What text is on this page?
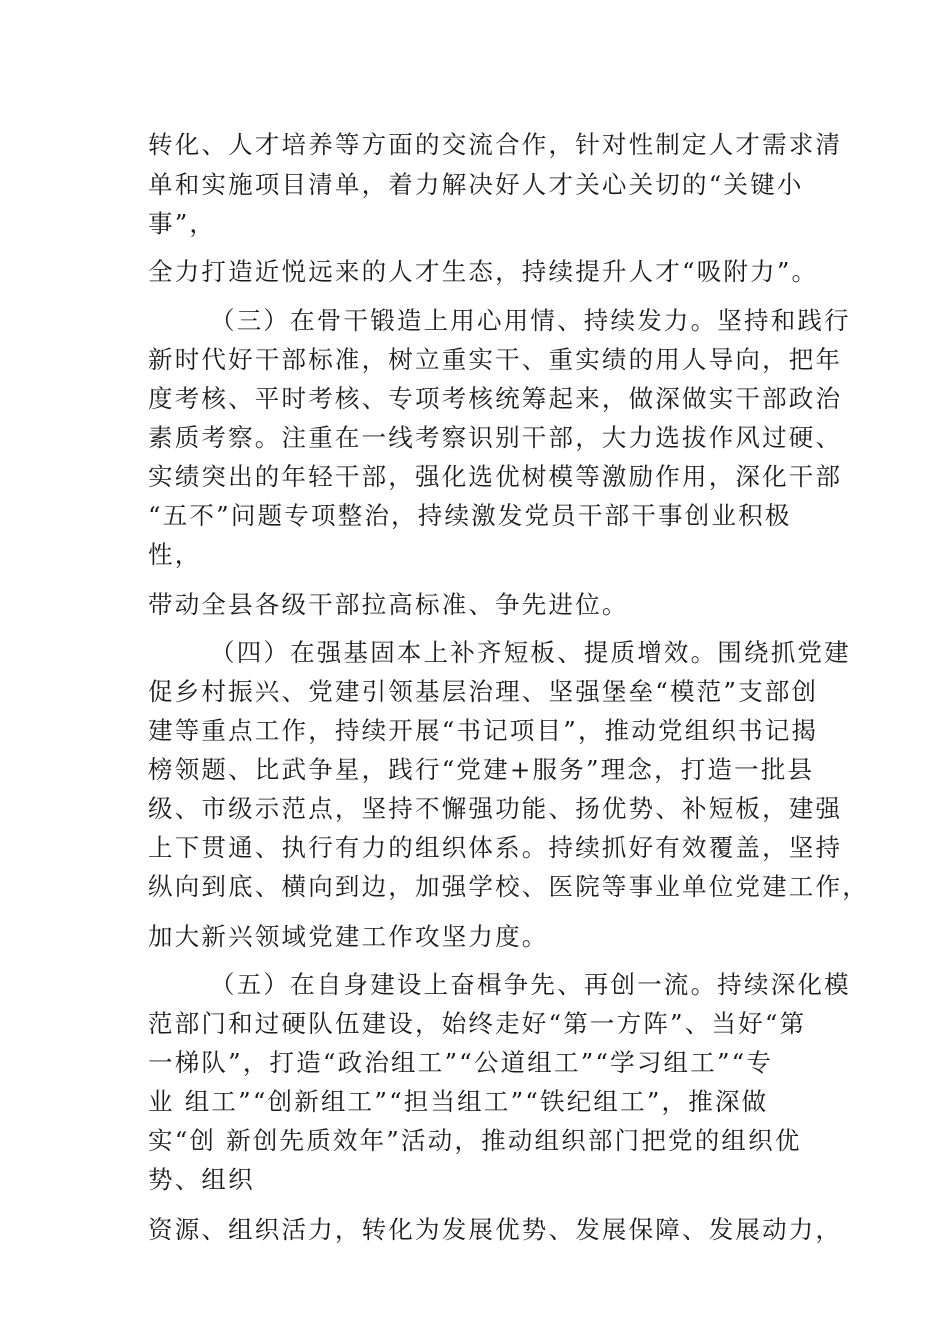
转化、人才培养等方面的交流合作，针对性制定人才需求清
单和实施项目清单，着力解决好人才关心关切的“关键小
事”，
全力打造近悦远来的人才生态，持续提升人才“吸附力”。
（三）在骨干锻造上用心用情、持续发力。坚持和践行
新时代好干部标准，树立重实干、重实绩的用人导向，把年
度考核、平时考核、专项考核统筹起来，做深做实干部政治
素质考察。注重在一线考察识别干部，大力选拔作风过硬、
实绩突出的年轻干部，强化选优树模等激励作用，深化干部
“五不”问题专项整治，持续激发党员干部干事创业积极
性，
带动全县各级干部拉高标准、争先进位。
（四）在强基固本上补齐短板、提质增效。围绕抓党建
促乡村振兴、党建引领基层治理、坚强堡垒“模范”支部创
建等重点工作，持续开展“书记项目”，推动党组织书记揭
榜领题、比武争星，践行“党建+服务”理念，打造一批县
级、市级示范点，坚持不懈强功能、扬优势、补短板，建强
上下贯通、执行有力的组织体系。持续抓好有效覆盖，坚持
纵向到底、横向到边，加强学校、医院等事业单位党建工作，
加大新兴领域党建工作攻坚力度。
（五）在自身建设上奋楫争先、再创一流。持续深化模
范部门和过硬队伍建设，始终走好“第一方阵”、当好“第
一梯队”，打造“政治组工”“公道组工”“学习组工”“专
业 组工”“创新组工”“担当组工”“铁纪组工”，推深做
实“创 新创先质效年”活动，推动组织部门把党的组织优
势、组织
资源、组织活力，转化为发展优势、发展保障、发展动力，
